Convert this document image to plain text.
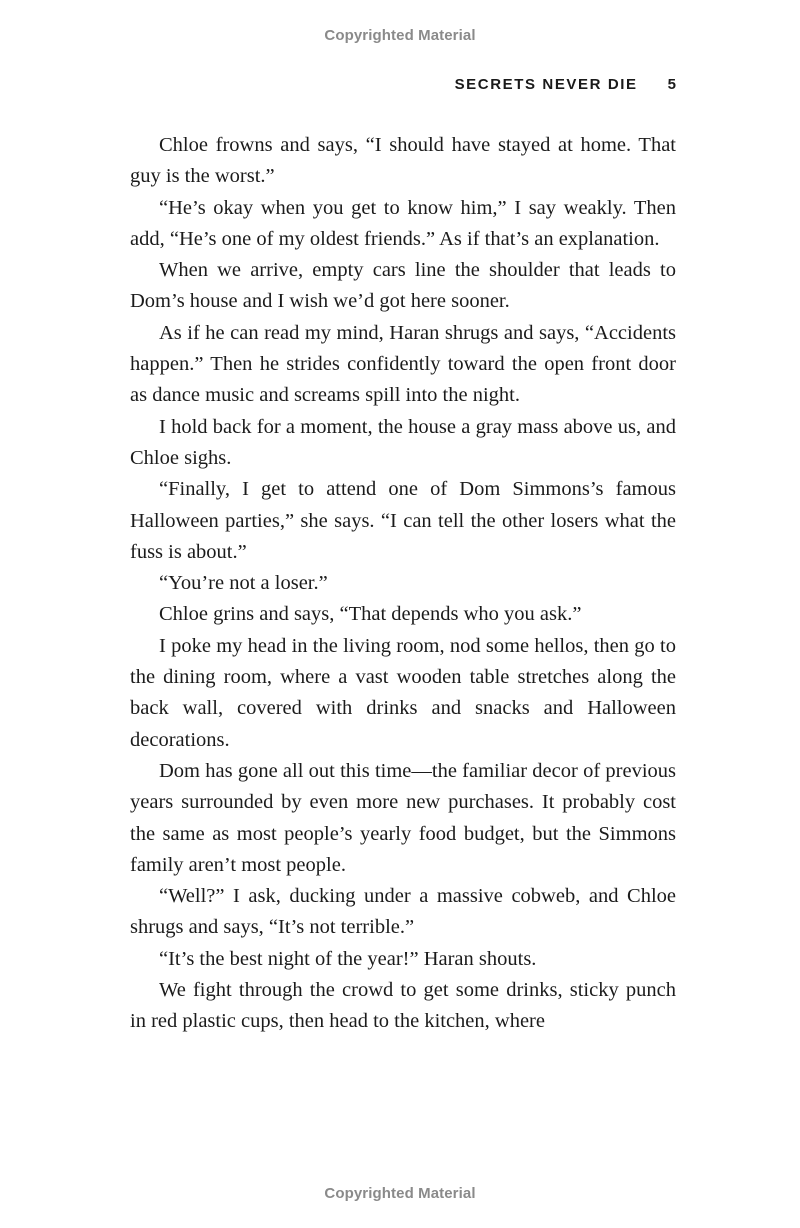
Copyrighted Material
SECRETS NEVER DIE 5

Chloe frowns and says, “I should have stayed at home. That guy is the worst.”

“He’s okay when you get to know him,” I say weakly. Then add, “He’s one of my oldest friends.” As if that’s an explanation.

When we arrive, empty cars line the shoulder that leads to Dom’s house and I wish we’d got here sooner.

As if he can read my mind, Haran shrugs and says, “Accidents happen.” Then he strides confidently toward the open front door as dance music and screams spill into the night.

I hold back for a moment, the house a gray mass above us, and Chloe sighs.

“Finally, I get to attend one of Dom Simmons’s famous Halloween parties,” she says. “I can tell the other losers what the fuss is about.”

“You’re not a loser.”

Chloe grins and says, “That depends who you ask.”

I poke my head in the living room, nod some hellos, then go to the dining room, where a vast wooden table stretches along the back wall, covered with drinks and snacks and Halloween decorations.

Dom has gone all out this time—the familiar decor of previous years surrounded by even more new purchases. It probably cost the same as most people’s yearly food budget, but the Simmons family aren’t most people.

“Well?” I ask, ducking under a massive cobweb, and Chloe shrugs and says, “It’s not terrible.”

“It’s the best night of the year!” Haran shouts.

We fight through the crowd to get some drinks, sticky punch in red plastic cups, then head to the kitchen, where

Copyrighted Material
